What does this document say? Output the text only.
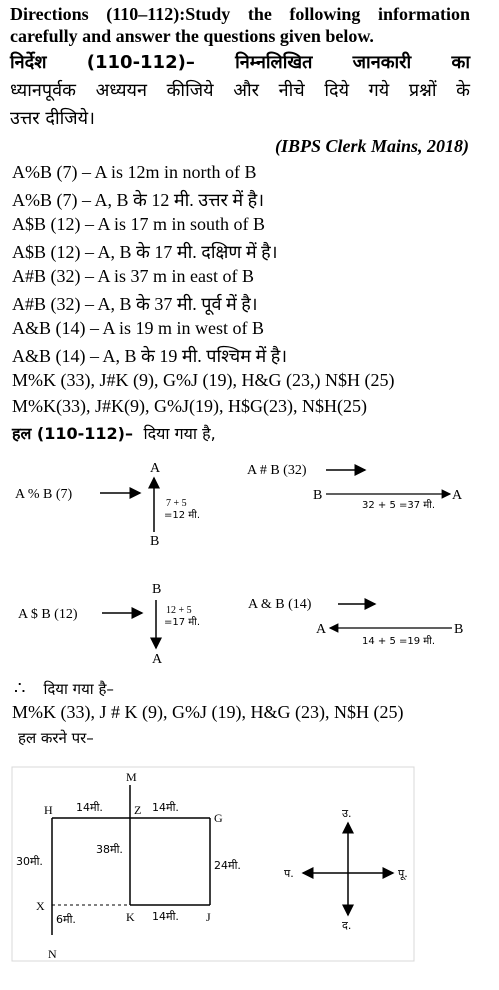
Directions (110–112):Study the following information
carefully and answer the questions given below.
निर्देश (110-112)– निम्नलिखित जानकारी का
ध्यानपूर्वक अध्ययन कीजिये और नीचे दिये गये प्रश्नों के
उत्तर दीजिये।
(IBPS Clerk Mains, 2018)
A%B (7) – A is 12m in north of B
A%B (7) – A, B के 12 मी. उत्तर में है।
A$B (12) – A is 17 m in south of B
A$B (12) – A, B के 17 मी. दक्षिण में है।
A#B (32) – A is 37 m in east of B
A#B (32) – A, B के 37 मी. पूर्व में है।
A&B (14) – A is 19 m in west of B
A&B (14) – A, B के 19 मी. पश्चिम में है।
M%K (33), J#K (9), G%J (19), H&G (23,) N$H (25)
M%K(33), J#K(9), G%J(19), H$G(23), N$H(25)
हल (110-112)– दिया गया है,
A % B (7)
A
B
7 + 5
=12 मी.
A # B (32)
B	A
32 + 5 =37 मी.
A $ B (12)
B
A
12 + 5
=17 मी.
A & B (14)
A	B
14 + 5 =19 मी.
∴ दिया गया है–
M%K (33), J # K (9), G%J (19), H&G (23), N$H (25)
हल करने पर–
M
H	Z
G
X
K	J
N
14मी.	14मी.
30मी.
38मी.
24मी.
14मी.
6मी.
उ.
द.
पू.
प.
